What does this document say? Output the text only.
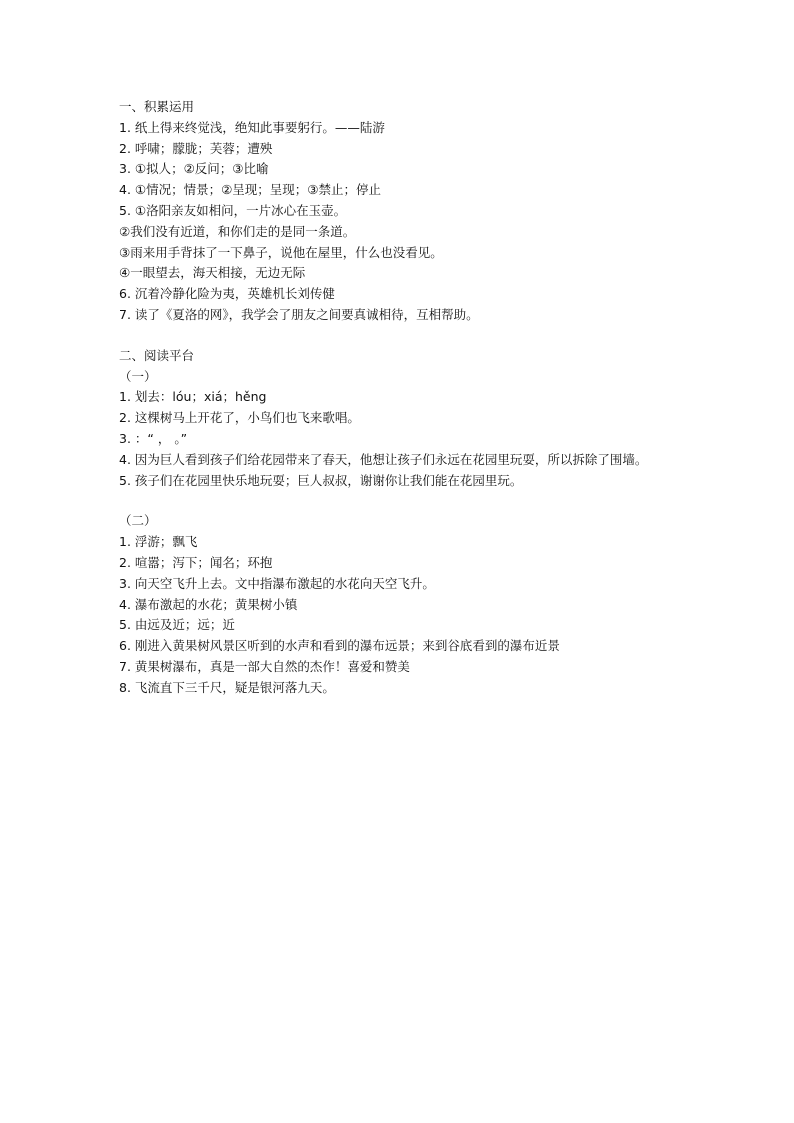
一、积累运用
1. 纸上得来终觉浅，绝知此事要躬行。——陆游
2. 呼啸；朦胧；芙蓉；遭殃
3. ①拟人；②反问；③比喻
4. ①情况；情景；②呈现；呈现；③禁止；停止
5. ①洛阳亲友如相问，一片冰心在玉壶。
②我们没有近道，和你们走的是同一条道。
③雨来用手背抹了一下鼻子，说他在屋里，什么也没看见。
④一眼望去，海天相接，无边无际
6. 沉着冷静化险为夷，英雄机长刘传健
7. 读了《夏洛的网》，我学会了朋友之间要真诚相待，互相帮助。
二、阅读平台
（一）
1. 划去：lóu；xiá；hěng
2. 这棵树马上开花了，小鸟们也飞来歌唱。
3. ：“ ， 。”
4. 因为巨人看到孩子们给花园带来了春天，他想让孩子们永远在花园里玩耍，所以拆除了围墙。
5. 孩子们在花园里快乐地玩耍；巨人叔叔，谢谢你让我们能在花园里玩。
（二）
1. 浮游；飘飞
2. 喧嚣；泻下；闻名；环抱
3. 向天空飞升上去。文中指瀑布激起的水花向天空飞升。
4. 瀑布激起的水花；黄果树小镇
5. 由远及近；远；近
6. 刚进入黄果树风景区听到的水声和看到的瀑布远景；来到谷底看到的瀑布近景
7. 黄果树瀑布，真是一部大自然的杰作！喜爱和赞美
8. 飞流直下三千尺，疑是银河落九天。
